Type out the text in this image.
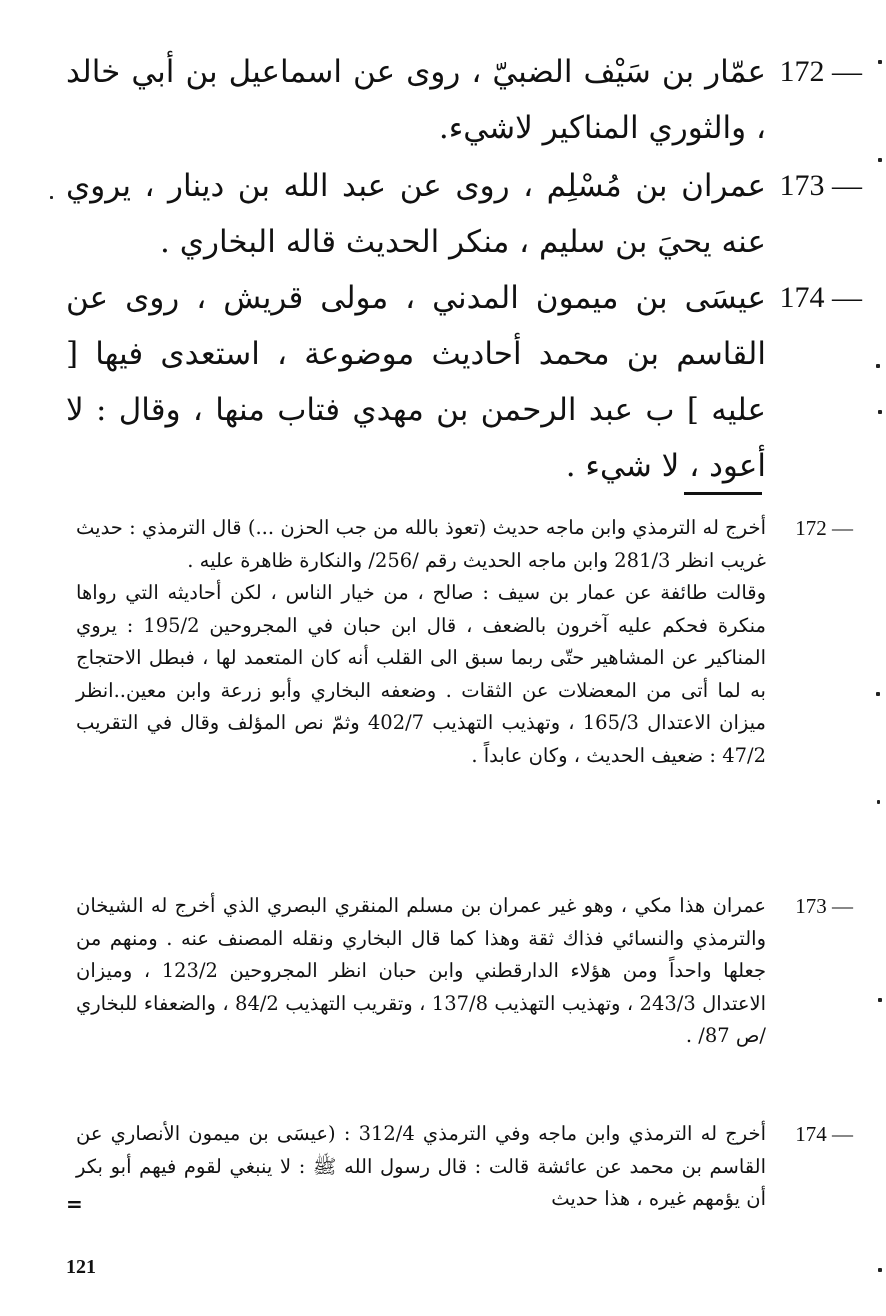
172 —
عمّار بن سَيْف الضبيّ ، روى عن اسماعيل بن أبي خالد ، والثوري المناكير لاشيء.
173 —
عمران بن مُسْلِم ، روى عن عبد الله بن دينار ، يروي عنه يحيَ بن سليم ، منكر الحديث قاله البخاري .
174 —
عيسَى بن ميمون المدني ، مولى قريش ، روى عن القاسم بن محمد أحاديث موضوعة ، استعدى فيها [ عليه ] ب عبد الرحمن بن مهدي فتاب منها ، وقال : لا أعود ، لا شيء .
172 —

أخرج له الترمذي وابن ماجه حديث (تعوذ بالله من جب الحزن ...) قال الترمذي : حديث غريب انظر 281/3 وابن ماجه الحديث رقم /256/ والنكارة ظاهرة عليه .

وقالت طائفة عن عمار بن سيف : صالح ، من خيار الناس ، لكن أحاديثه التي رواها منكرة فحكم عليه آخرون بالضعف ، قال ابن حبان في المجروحين 195/2 : يروي المناكير عن المشاهير حتّى ربما سبق الى القلب أنه كان المتعمد لها ، فبطل الاحتجاج به لما أتى من المعضلات عن الثقات . وضعفه البخاري وأبو زرعة وابن معين..انظر ميزان الاعتدال 165/3 ، وتهذيب التهذيب 402/7 وثمّ نص المؤلف وقال في التقريب 47/2 : ضعيف الحديث ، وكان عابداً .

173 —

عمران هذا مكي ، وهو غير عمران بن مسلم المنقري البصري الذي أخرج له الشيخان والترمذي والنسائي فذاك ثقة وهذا كما قال البخاري ونقله المصنف عنه . ومنهم من جعلها واحداً ومن هؤلاء الدارقطني وابن حبان انظر المجروحين 123/2 ، وميزان الاعتدال 243/3 ، وتهذيب التهذيب 137/8 ، وتقريب التهذيب 84/2 ، والضعفاء للبخاري /ص 87/ .

174 —

أخرج له الترمذي وابن ماجه وفي الترمذي 312/4 : (عيسَى بن ميمون الأنصاري عن القاسم بن محمد عن عائشة قالت : قال رسول الله ﷺ : لا ينبغي لقوم فيهم أبو بكر أن يؤمهم غيره ، هذا حديث

=
121
